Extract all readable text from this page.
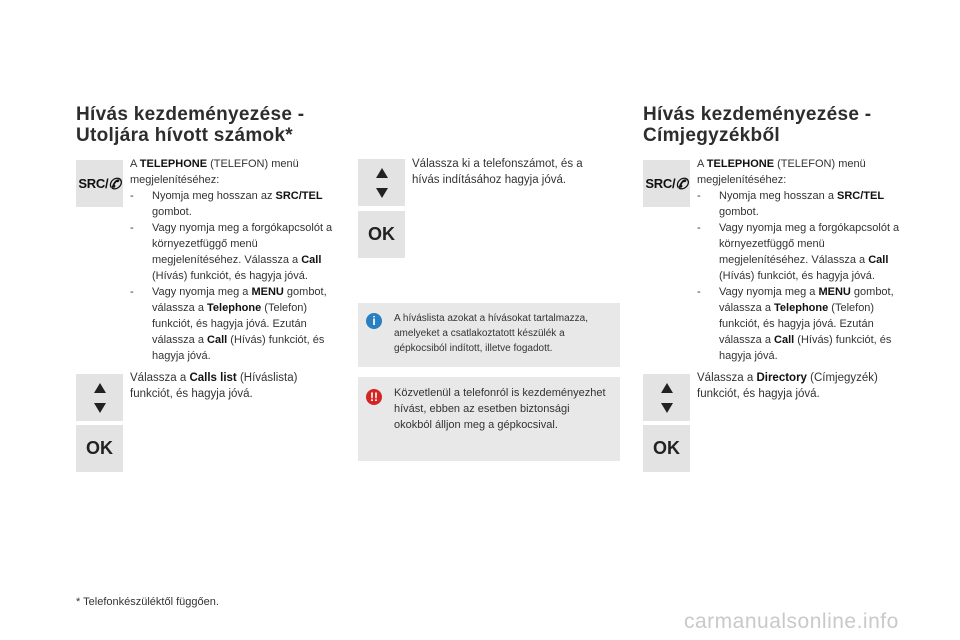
Hívás kezdeményezése -
Utoljára hívott számok*
SRC/ ✆
A TELEPHONE (TELEFON) menü megjelenítéséhez:
- Nyomja meg hosszan az SRC/TEL gombot.
- Vagy nyomja meg a forgókapcsolót a környezetfüggő menü megjelenítéséhez. Válassza a Call (Hívás) funkciót, és hagyja jóvá.
- Vagy nyomja meg a MENU gombot, válassza a Telephone (Telefon) funkciót, és hagyja jóvá. Ezután válassza a Call (Hívás) funkciót, és hagyja jóvá.
Válassza a Calls list (Híváslista) funkciót, és hagyja jóvá.
OK
Válassza ki a telefonszámot, és a hívás indításához hagyja jóvá.
OK
i	A híváslista azokat a hívásokat tartalmazza, amelyeket a csatlakoztatott készülék a gépkocsiból indított, illetve fogadott.
!!	Közvetlenül a telefonról is kezdeményezhet hívást, ebben az esetben biztonsági okokból álljon meg a gépkocsival.
Hívás kezdeményezése -
Címjegyzékből
SRC/ ✆
A TELEPHONE (TELEFON) menü megjelenítéséhez:
- Nyomja meg hosszan a SRC/TEL gombot.
- Vagy nyomja meg a forgókapcsolót a környezetfüggő menü megjelenítéséhez. Válassza a Call (Hívás) funkciót, és hagyja jóvá.
- Vagy nyomja meg a MENU gombot, válassza a Telephone (Telefon) funkciót, és hagyja jóvá. Ezután válassza a Call (Hívás) funkciót, és hagyja jóvá.
Válassza a Directory (Címjegyzék) funkciót, és hagyja jóvá.
OK
* Telefonkészüléktől függően.
carmanualsonline.info
